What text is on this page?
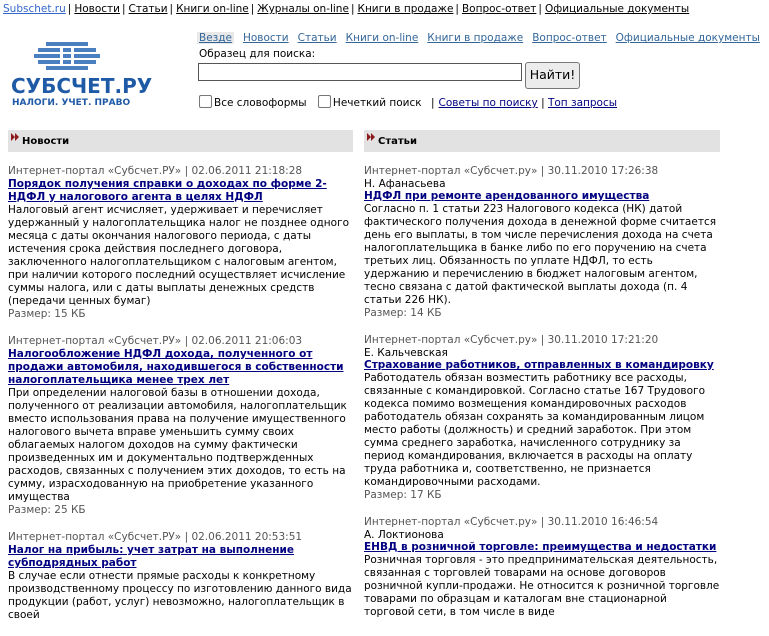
Subschet.ru | Новости | Статьи | Книги on-line | Журналы on-line | Книги в продаже | Вопрос-ответ | Официальные документы
СУБСЧЕТ.РУ
НАЛОГИ. УЧЕТ. ПРАВО
Везде Новости Статьи Книги on-line Книги в продаже Вопрос-ответ Официальные документы
Образец для поиска:
Найти!
Все словоформы	Нечеткий поиск | Советы по поиску | Топ запросы
Новости
Интернет-портал «Субсчет.РУ» | 02.06.2011 21:18:28
Порядок получения справки о доходах по форме 2-НДФЛ у налогового агента в целях НДФЛ
Налоговый агент исчисляет, удерживает и перечисляет удержанный у налогоплательщика налог не позднее одного месяца с даты окончания налогового периода, с даты истечения срока действия последнего договора, заключенного налогоплательщиком с налоговым агентом, при наличии которого последний осуществляет исчисление суммы налога, или с даты выплаты денежных средств (передачи ценных бумаг)
Размер: 15 КБ
Интернет-портал «Субсчет.РУ» | 02.06.2011 21:06:03
Налогообложение НДФЛ дохода, полученного от продажи автомобиля, находившегося в собственности налогоплательщика менее трех лет
При определении налоговой базы в отношении дохода, полученного от реализации автомобиля, налогоплательщик вместо использования права на получение имущественного налогового вычета вправе уменьшить сумму своих облагаемых налогом доходов на сумму фактически произведенных им и документально подтвержденных расходов, связанных с получением этих доходов, то есть на сумму, израсходованную на приобретение указанного имущества
Размер: 25 КБ
Интернет-портал «Субсчет.РУ» | 02.06.2011 20:53:51
Налог на прибыль: учет затрат на выполнение субподрядных работ
В случае если отнести прямые расходы к конкретному производственному процессу по изготовлению данного вида продукции (работ, услуг) невозможно, налогоплательщик в своей
Статьи
Интернет-портал «Субсчет.ру» | 30.11.2010 17:26:38
Н. Афанасьева
НДФЛ при ремонте арендованного имущества
Согласно п. 1 статьи 223 Налогового кодекса (НК) датой фактического получения дохода в денежной форме считается день его выплаты, в том числе перечисления дохода на счета налогоплательщика в банке либо по его поручению на счета третьих лиц. Обязанность по уплате НДФЛ, то есть удержанию и перечислению в бюджет налоговым агентом, тесно связана с датой фактической выплаты дохода (п. 4 статьи 226 НК).
Размер: 14 КБ
Интернет-портал «Субсчет.ру» | 30.11.2010 17:21:20
Е. Кальчевская
Страхование работников, отправленных в командировку
Работодатель обязан возместить работнику все расходы, связанные с командировкой. Согласно статье 167 Трудового кодекса помимо возмещения командировочных расходов работодатель обязан сохранять за командированным лицом место работы (должность) и средний заработок. При этом сумма среднего заработка, начисленного сотруднику за период командирования, включается в расходы на оплату труда работника и, соответственно, не признается командировочными расходами.
Размер: 17 КБ
Интернет-портал «Субсчет.ру» | 30.11.2010 16:46:54
А. Локтионова
ЕНВД в розничной торговле: преимущества и недостатки
Розничная торговля - это предпринимательская деятельность, связанная с торговлей товарами на основе договоров розничной купли-продажи. Не относится к розничной торговле товарами по образцам и каталогам вне стационарной торговой сети, в том числе в виде
